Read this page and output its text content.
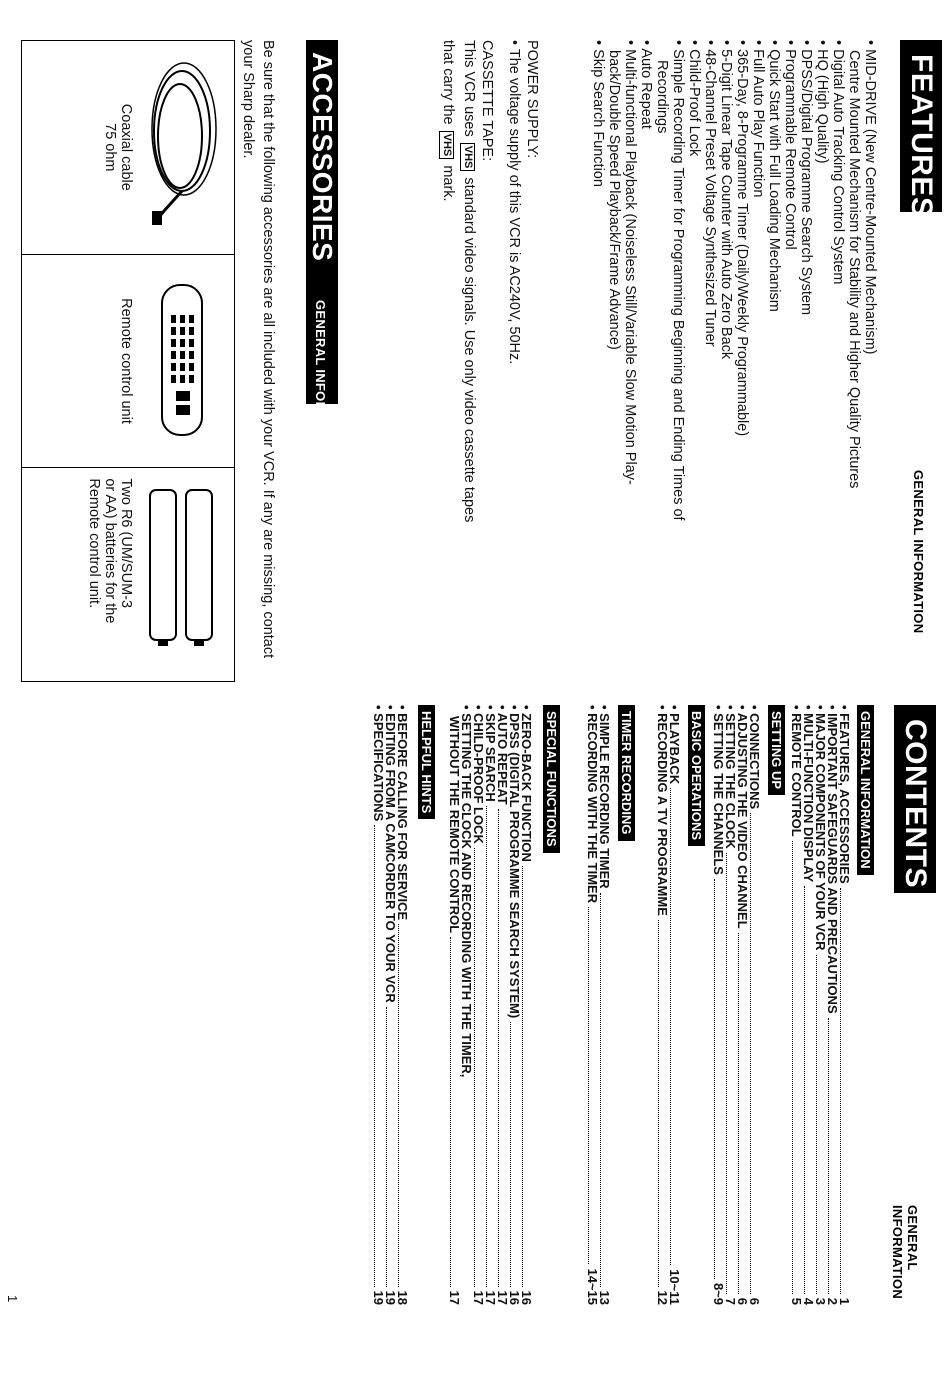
FEATURES
GENERAL INFORMATION
• MID-DRIVE (New Centre-Mounted Mechanism)
Centre Mounted Mechanism for Stability and Higher Quality Pictures
• Digital Auto Tracking Control System
• HQ (High Quality)
• DPSS/Digital Programme Search System
• Programmable Remote Control
• Quick Start with Full Loading Mechanism
• Full Auto Play Function
• 365-Day, 8-Programme Timer (Daily/Weekly Programmable)
• 5-Digit Linear Tape Counter with Auto Zero Back
• 48-Channel Preset Voltage Synthesized Tuner
• Child-Proof Lock
• Simple Recording Timer for Programming Beginning and Ending Times of
Recordings
• Auto Repeat
• Multi-functional Playback (Noiseless Still/Variable Slow Motion Play-
back/Double Speed Playback/Frame Advance)
• Skip Search Function
POWER SUPPLY:
• The voltage supply of this VCR is AC240V, 50Hz.
CASSETTE TAPE:
This VCR uses VHS standard video signals. Use only video cassette tapes
that carry the VHS mark.
ACCESSORIES
GENERAL INFORMATION
Be sure that the following accessories are all included with your VCR. If any are missing, contact your Sharp dealer.
Coaxial cable
75 ohm
Remote control unit
Two R6 (UM/SUM-3
or AA) batteries for the
Remote control unit.
CONTENTS
GENERAL INFORMATION
GENERAL INFORMATION
• FEATURES, ACCESSORIES
1
• IMPORTANT SAFEGUARDS AND PRECAUTIONS
2
• MAJOR COMPONENTS OF YOUR VCR
3
• MULTI-FUNCTION DISPLAY
4
• REMOTE CONTROL
5
SETTING UP
• CONNECTIONS
6
• ADJUSTING THE VIDEO CHANNEL
6
• SETTING THE CLOCK
7
• SETTING THE CHANNELS
8~9
BASIC OPERATIONS
• PLAYBACK
10~11
• RECORDING A TV PROGRAMME
12
TIMER RECORDING
• SIMPLE RECORDING TIMER
13
• RECORDING WITH THE TIMER
14~15
SPECIAL FUNCTIONS
• ZERO-BACK FUNCTION
16
• DPSS (DIGITAL PROGRAMME SEARCH SYSTEM)
16
• AUTO REPEAT
17
• SKIP SEARCH
17
• CHILD-PROOF LOCK
17
• SETTING THE CLOCK AND RECORDING WITH THE TIMER,
WITHOUT THE REMOTE CONTROL
17
HELPFUL HINTS
• BEFORE CALLING FOR SERVICE
18
• EDITING FROM A CAMCORDER TO YOUR VCR
19
• SPECIFICATIONS
19
1
